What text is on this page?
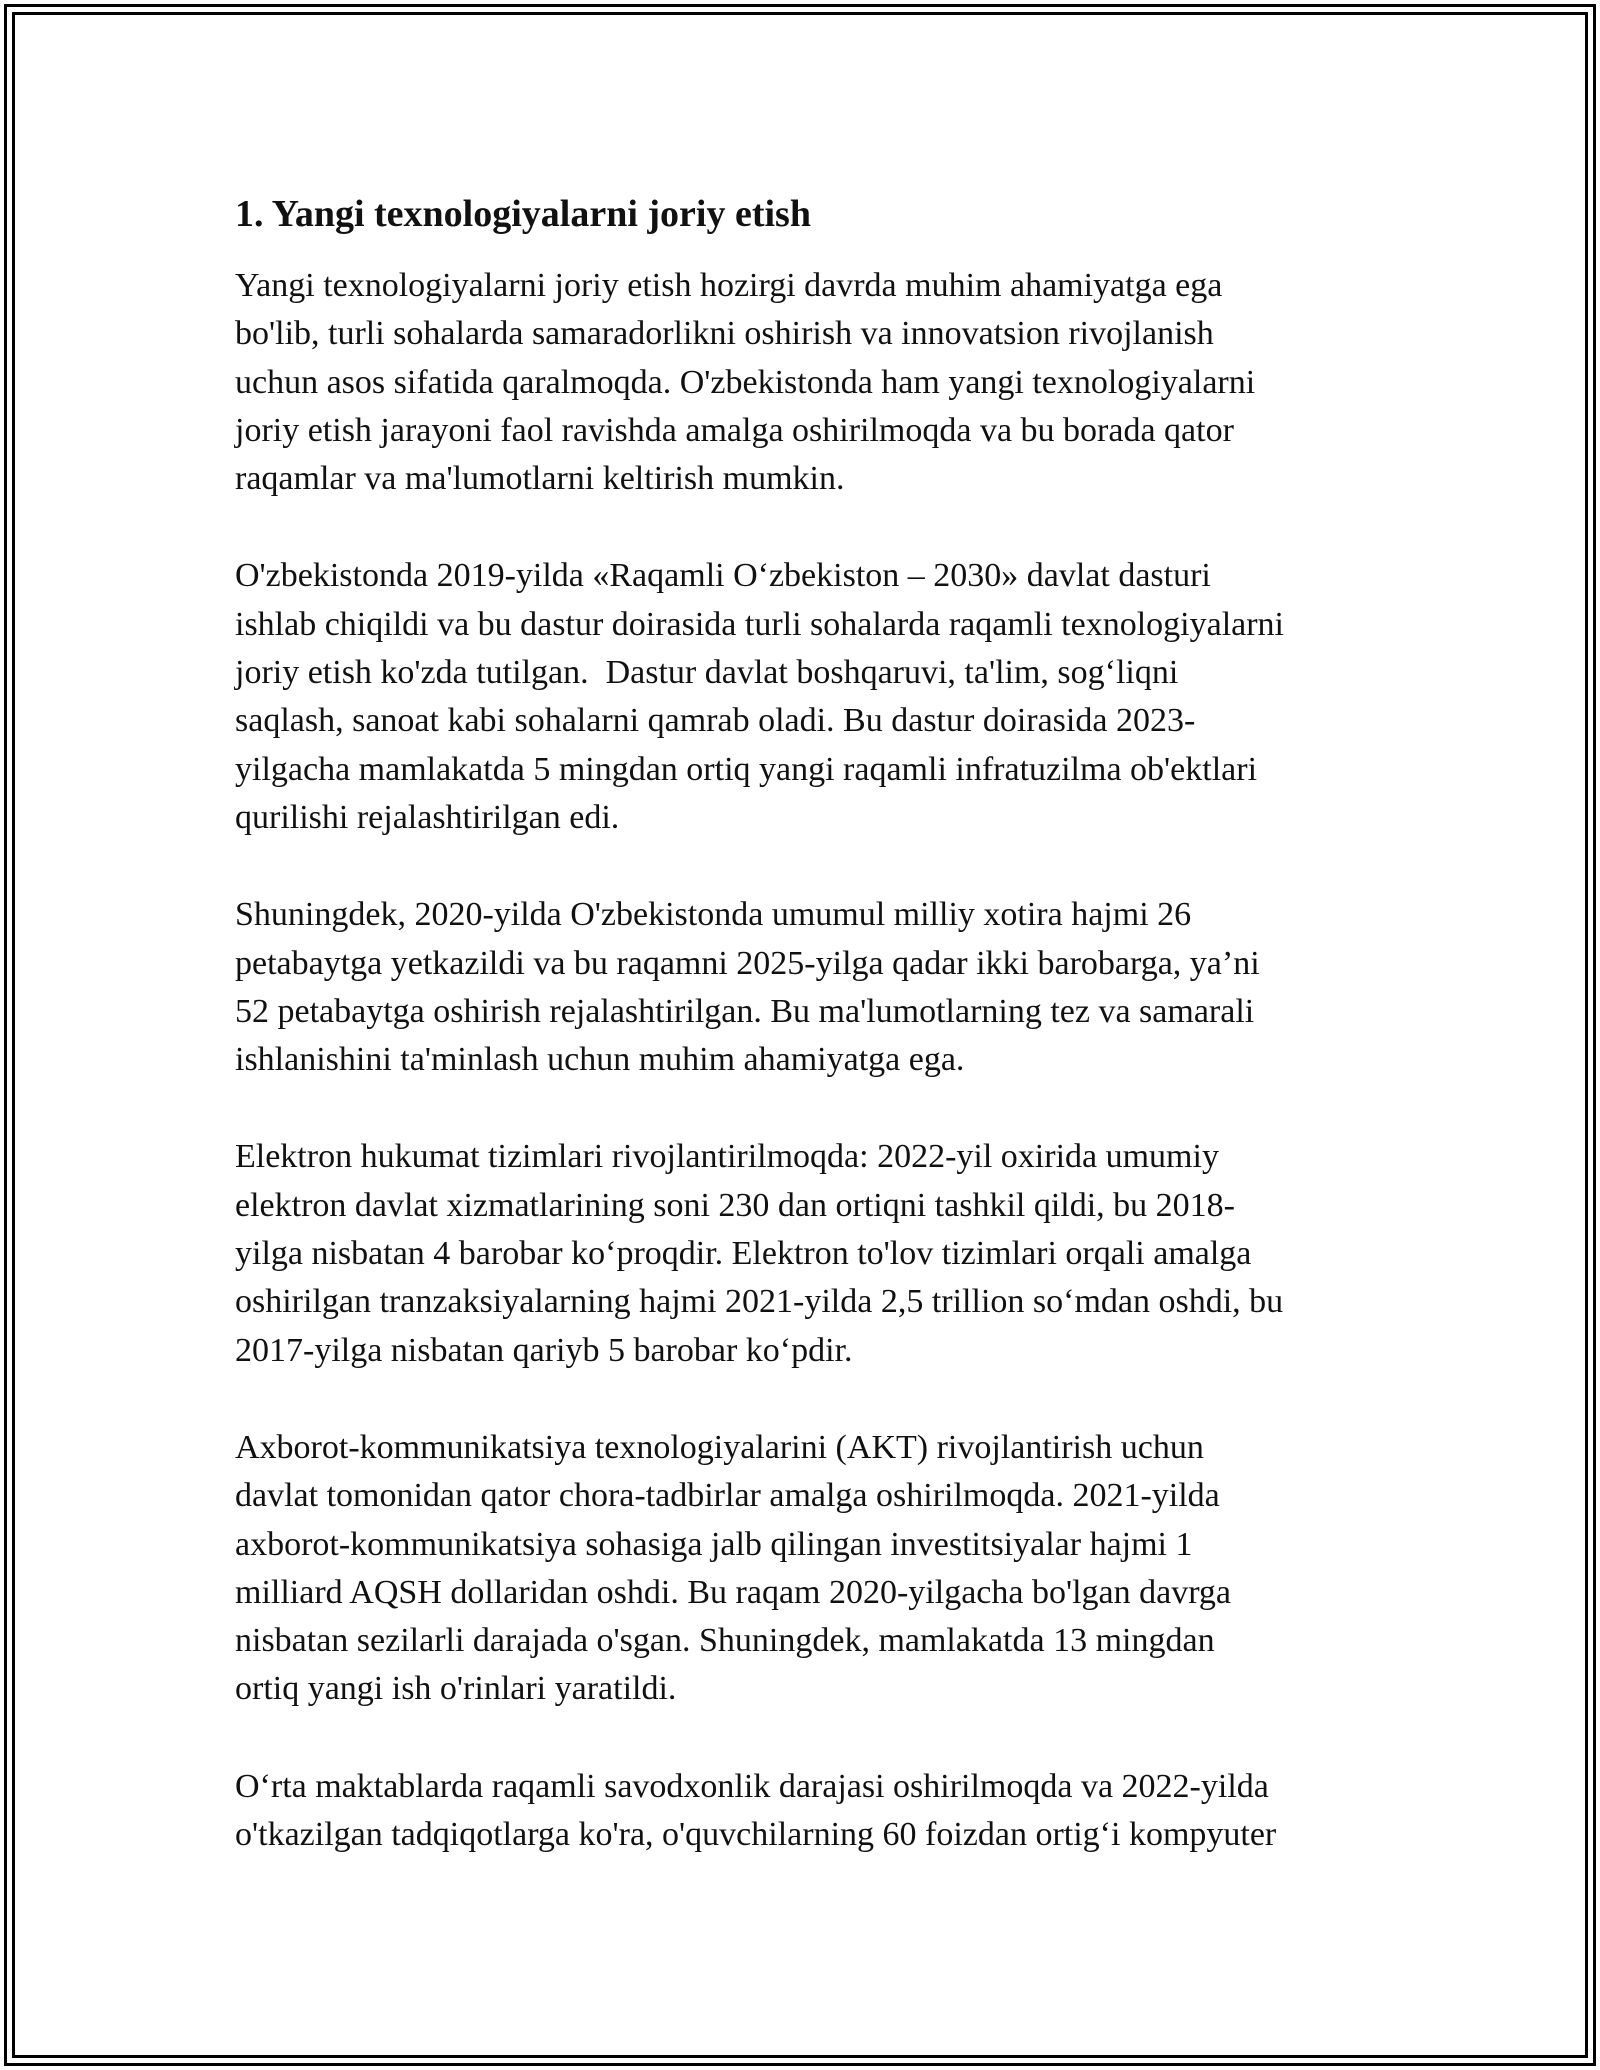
1. Yangi texnologiyalarni joriy etish
Yangi texnologiyalarni joriy etish hozirgi davrda muhim ahamiyatga ega
bo'lib, turli sohalarda samaradorlikni oshirish va innovatsion rivojlanish
uchun asos sifatida qaralmoqda. O'zbekistonda ham yangi texnologiyalarni
joriy etish jarayoni faol ravishda amalga oshirilmoqda va bu borada qator
raqamlar va ma'lumotlarni keltirish mumkin.
O'zbekistonda 2019-yilda «Raqamli O‘zbekiston – 2030» davlat dasturi
ishlab chiqildi va bu dastur doirasida turli sohalarda raqamli texnologiyalarni
joriy etish ko'zda tutilgan.  Dastur davlat boshqaruvi, ta'lim, sog‘liqni
saqlash, sanoat kabi sohalarni qamrab oladi. Bu dastur doirasida 2023-
yilgacha mamlakatda 5 mingdan ortiq yangi raqamli infratuzilma ob'ektlari
qurilishi rejalashtirilgan edi.
Shuningdek, 2020-yilda O'zbekistonda umumul milliy xotira hajmi 26
petabaytga yetkazildi va bu raqamni 2025-yilga qadar ikki barobarga, ya’ni
52 petabaytga oshirish rejalashtirilgan. Bu ma'lumotlarning tez va samarali
ishlanishini ta'minlash uchun muhim ahamiyatga ega.
Elektron hukumat tizimlari rivojlantirilmoqda: 2022-yil oxirida umumiy
elektron davlat xizmatlarining soni 230 dan ortiqni tashkil qildi, bu 2018-
yilga nisbatan 4 barobar ko‘proqdir. Elektron to'lov tizimlari orqali amalga
oshirilgan tranzaksiyalarning hajmi 2021-yilda 2,5 trillion so‘mdan oshdi, bu
2017-yilga nisbatan qariyb 5 barobar ko‘pdir.
Axborot-kommunikatsiya texnologiyalarini (AKT) rivojlantirish uchun
davlat tomonidan qator chora-tadbirlar amalga oshirilmoqda. 2021-yilda
axborot-kommunikatsiya sohasiga jalb qilingan investitsiyalar hajmi 1
milliard AQSH dollaridan oshdi. Bu raqam 2020-yilgacha bo'lgan davrga
nisbatan sezilarli darajada o'sgan. Shuningdek, mamlakatda 13 mingdan
ortiq yangi ish o'rinlari yaratildi.
O‘rta maktablarda raqamli savodxonlik darajasi oshirilmoqda va 2022-yilda
o'tkazilgan tadqiqotlarga ko'ra, o'quvchilarning 60 foizdan ortig‘i kompyuter
